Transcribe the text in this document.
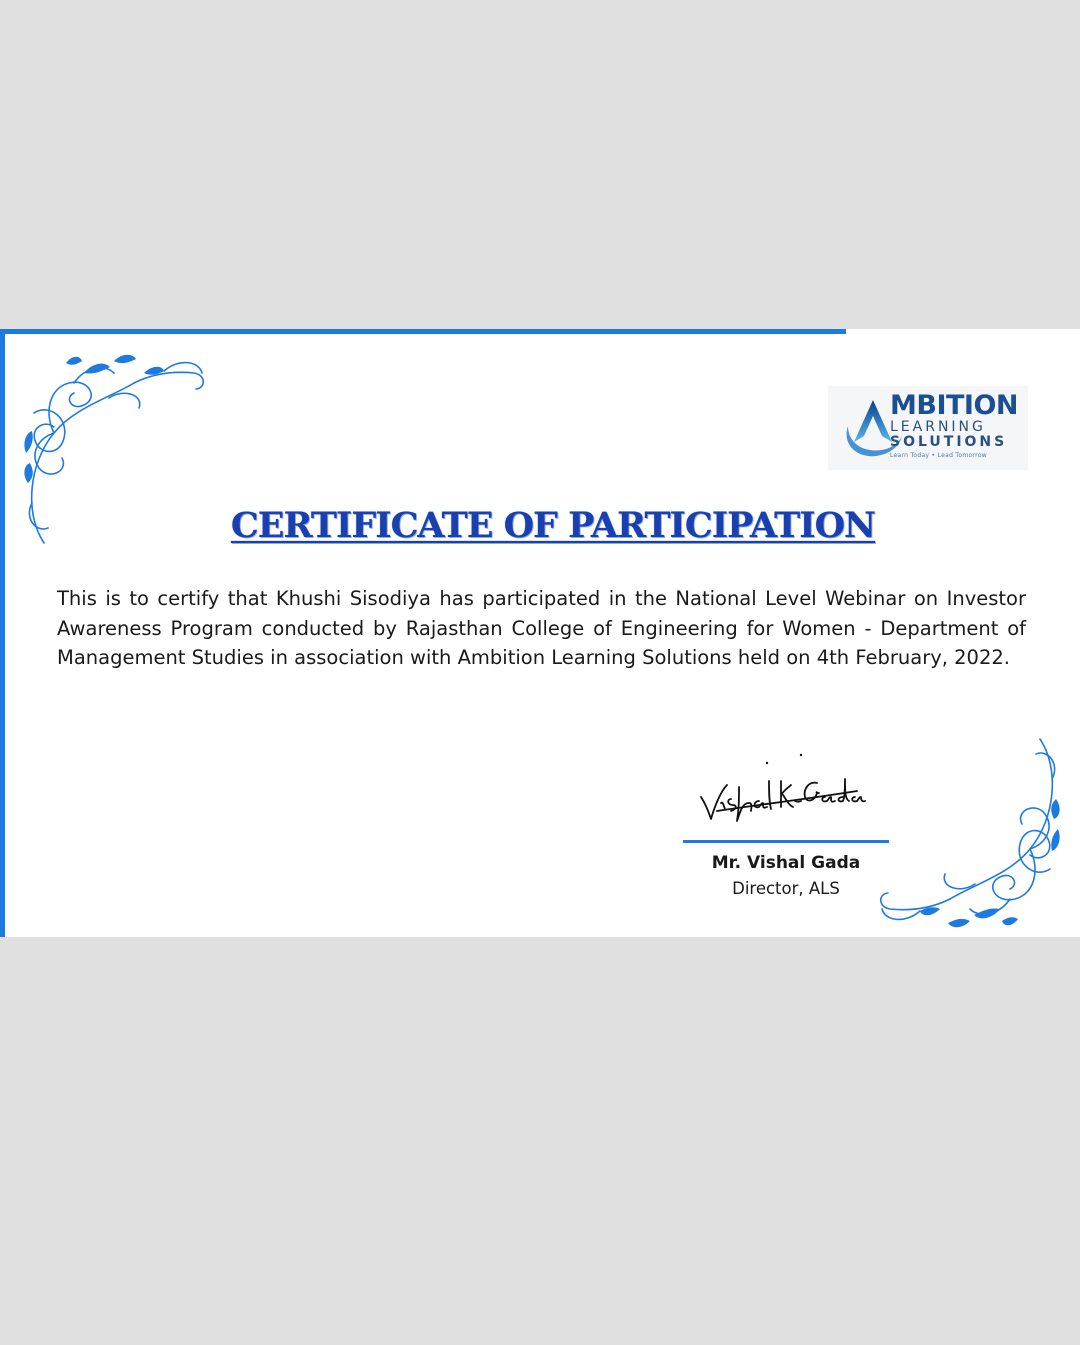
MBITION
LEARNING
SOLUTIONS
Learn Today • Lead Tomorrow
CERTIFICATE OF PARTICIPATION
This is to certify that Khushi Sisodiya has participated in the National Level Webinar on Investor Awareness Program conducted by Rajasthan College of Engineering for Women - Department of Management Studies in association with Ambition Learning Solutions held on 4th February, 2022.
Mr. Vishal Gada
Director, ALS
